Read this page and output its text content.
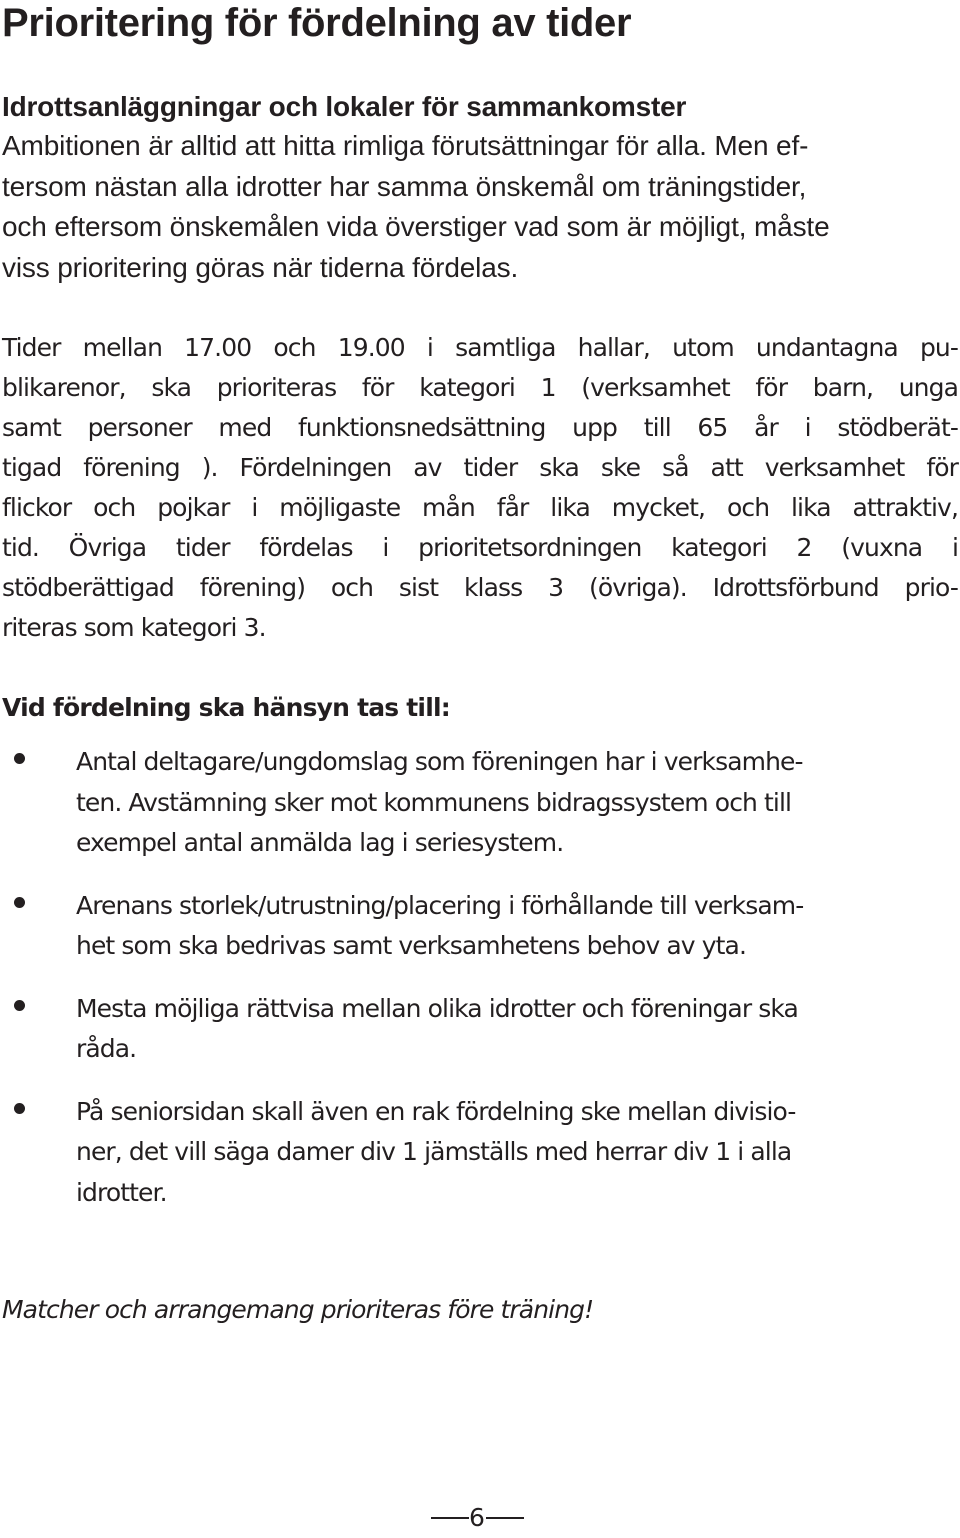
Prioritering för fördelning av tider

Idrottsanläggningar och lokaler för sammankomster

Ambitionen är alltid att hitta rimliga förutsättningar för alla. Men ef-

tersom nästan alla idrotter har samma önskemål om träningstider,

och eftersom önskemålen vida överstiger vad som är möjligt, måste

viss prioritering göras när tiderna fördelas.

Tider mellan 17.00 och 19.00 i samtliga hallar, utom undantagna pu-

blikarenor, ska prioriteras för kategori 1 (verksamhet för barn, unga

samt personer med funktionsnedsättning upp till 65 år i stödberät-

tigad förening ). Fördelningen av tider ska ske så att verksamhet för

flickor och pojkar i möjligaste mån får lika mycket, och lika attraktiv,

tid. Övriga tider fördelas i prioritetsordningen kategori 2 (vuxna i

stödberättigad förening) och sist klass 3 (övriga). Idrottsförbund prio-

riteras som kategori 3.

Vid fördelning ska hänsyn tas till:
Antal deltagare/ungdomslag som föreningen har i verksamhe-
ten. Avstämning sker mot kommunens bidragssystem och till
exempel antal anmälda lag i seriesystem.
Arenans storlek/utrustning/placering i förhållande till verksam-
het som ska bedrivas samt verksamhetens behov av yta.
Mesta möjliga rättvisa mellan olika idrotter och föreningar ska
råda.
På seniorsidan skall även en rak fördelning ske mellan divisio-
ner, det vill säga damer div 1 jämställs med herrar div 1 i alla
idrotter.

Matcher och arrangemang prioriteras före träning!

6
